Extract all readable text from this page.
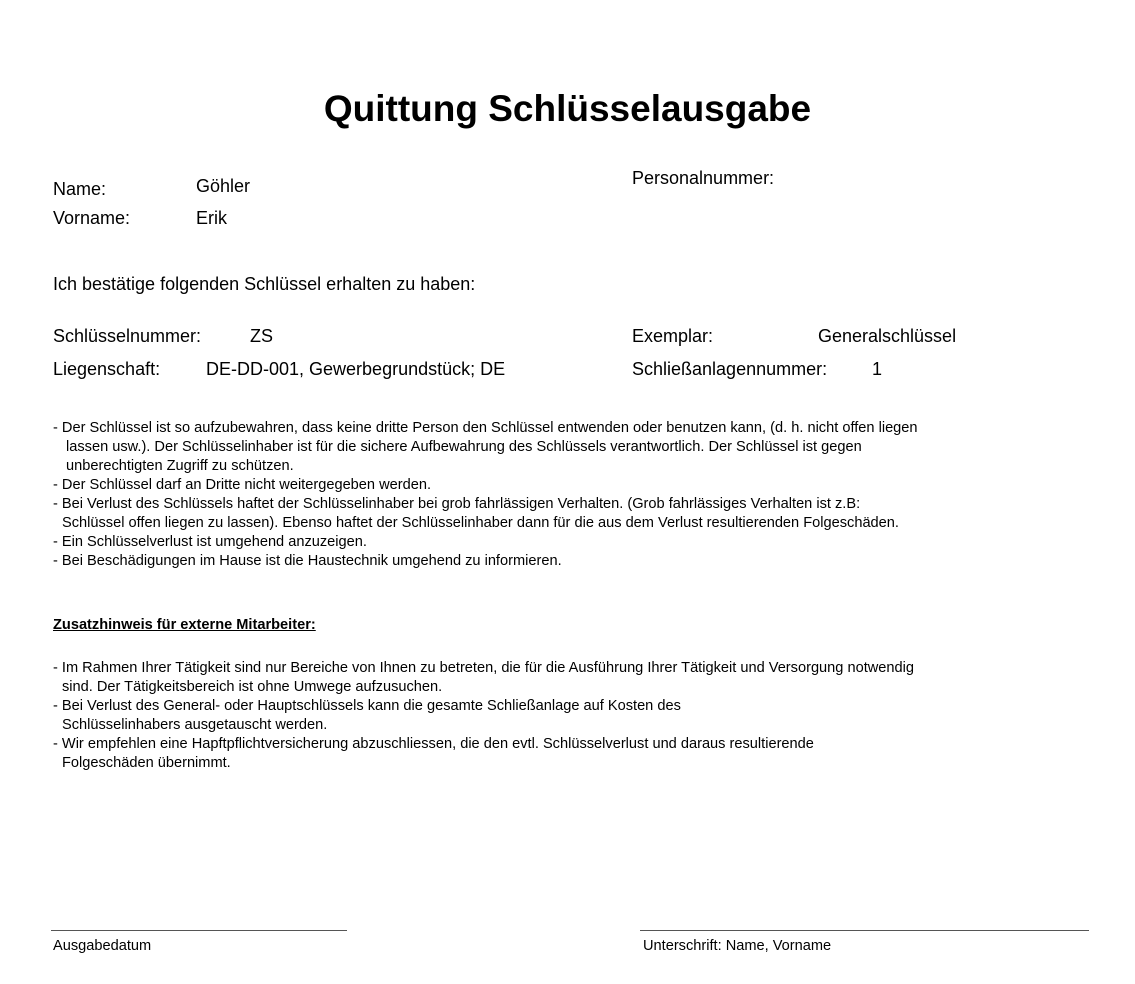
Quittung Schlüsselausgabe
Name:	Göhler
Vorname:	Erik
Personalnummer:
Ich bestätige folgenden Schlüssel erhalten zu haben:
Schlüsselnummer:	ZS	Exemplar:	Generalschlüssel
Liegenschaft:	DE-DD-001, Gewerbegrundstück; DE	Schließanlagennummer: 1
- Der Schlüssel ist so aufzubewahren, dass keine dritte Person den Schlüssel entwenden oder benutzen kann, (d. h. nicht offen liegen
lassen usw.). Der Schlüsselinhaber ist für die sichere Aufbewahrung des Schlüssels verantwortlich. Der Schlüssel ist gegen
unberechtigten Zugriff zu schützen.
- Der Schlüssel darf an Dritte nicht weitergegeben werden.
- Bei Verlust des Schlüssels haftet der Schlüsselinhaber bei grob fahrlässigen Verhalten. (Grob fahrlässiges Verhalten ist z.B:
Schlüssel offen liegen zu lassen). Ebenso haftet der Schlüsselinhaber dann für die aus dem Verlust resultierenden Folgeschäden.
- Ein Schlüsselverlust ist umgehend anzuzeigen.
- Bei Beschädigungen im Hause ist die Haustechnik umgehend zu informieren.
Zusatzhinweis für externe Mitarbeiter:
- Im Rahmen Ihrer Tätigkeit sind nur Bereiche von Ihnen zu betreten, die für die Ausführung Ihrer Tätigkeit und Versorgung notwendig
sind. Der Tätigkeitsbereich ist ohne Umwege aufzusuchen.
- Bei Verlust des General- oder Hauptschlüssels kann die gesamte Schließanlage auf Kosten des
Schlüsselinhabers ausgetauscht werden.
- Wir empfehlen eine Hapftpflichtversicherung abzuschliessen, die den evtl. Schlüsselverlust und daraus resultierende
Folgeschäden übernimmt.
Ausgabedatum	Unterschrift: Name, Vorname
